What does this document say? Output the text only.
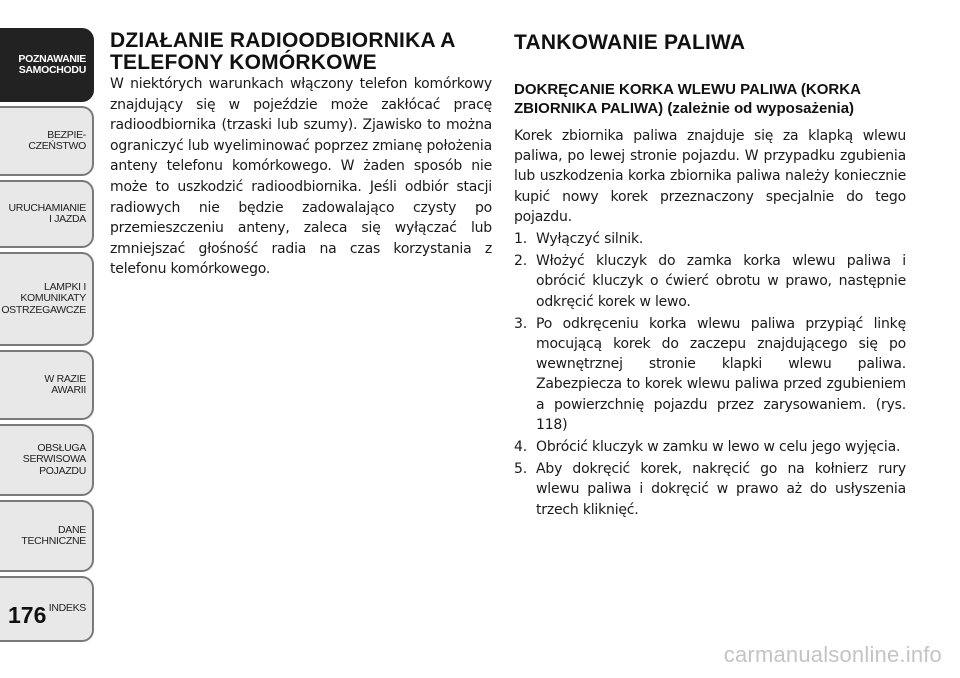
POZNAWANIE
SAMOCHODU
BEZPIE-
CZEŃSTWO
URUCHAMIANIE
I JAZDA
LAMPKI I
KOMUNIKATY
OSTRZEGAWCZE
W RAZIE
AWARII
OBSŁUGA
SERWISOWA
POJAZDU
DANE
TECHNICZNE
INDEKS
176
DZIAŁANIE RADIOODBIORNIKA A TELEFONY KOMÓRKOWE

W niektórych warunkach włączony telefon komórkowy znajdujący się w pojeździe może zakłócać pracę radioodbiornika (trzaski lub szumy). Zjawisko to można ograniczyć lub wyeliminować poprzez zmianę położenia anteny telefonu komórkowego. W żaden sposób nie może to uszkodzić radioodbiornika. Jeśli odbiór stacji radiowych nie będzie zadowalająco czysty po przemieszczeniu anteny, zaleca się wyłączać lub zmniejszać głośność radia na czas korzystania z telefonu komórkowego.

TANKOWANIE PALIWA
DOKRĘCANIE KORKA WLEWU PALIWA (KORKA ZBIORNIKA PALIWA) (zależnie od wyposażenia)

Korek zbiornika paliwa znajduje się za klapką wlewu paliwa, po lewej stronie pojazdu. W przypadku zgubienia lub uszkodzenia korka zbiornika paliwa należy koniecznie kupić nowy korek przeznaczony specjalnie do tego pojazdu.

1. Wyłączyć silnik.
2. Włożyć kluczyk do zamka korka wlewu paliwa i obrócić kluczyk o ćwierć obrotu w prawo, następnie odkręcić korek w lewo.
3. Po odkręceniu korka wlewu paliwa przypiąć linkę mocującą korek do zaczepu znajdującego się po wewnętrznej stronie klapki wlewu paliwa. Zabezpiecza to korek wlewu paliwa przed zgubieniem a powierzchnię pojazdu przez zarysowaniem. (rys. 118)
4. Obrócić kluczyk w zamku w lewo w celu jego wyjęcia.
5. Aby dokręcić korek, nakręcić go na kołnierz rury wlewu paliwa i dokręcić w prawo aż do usłyszenia trzech kliknięć.
carmanualsonline.info
